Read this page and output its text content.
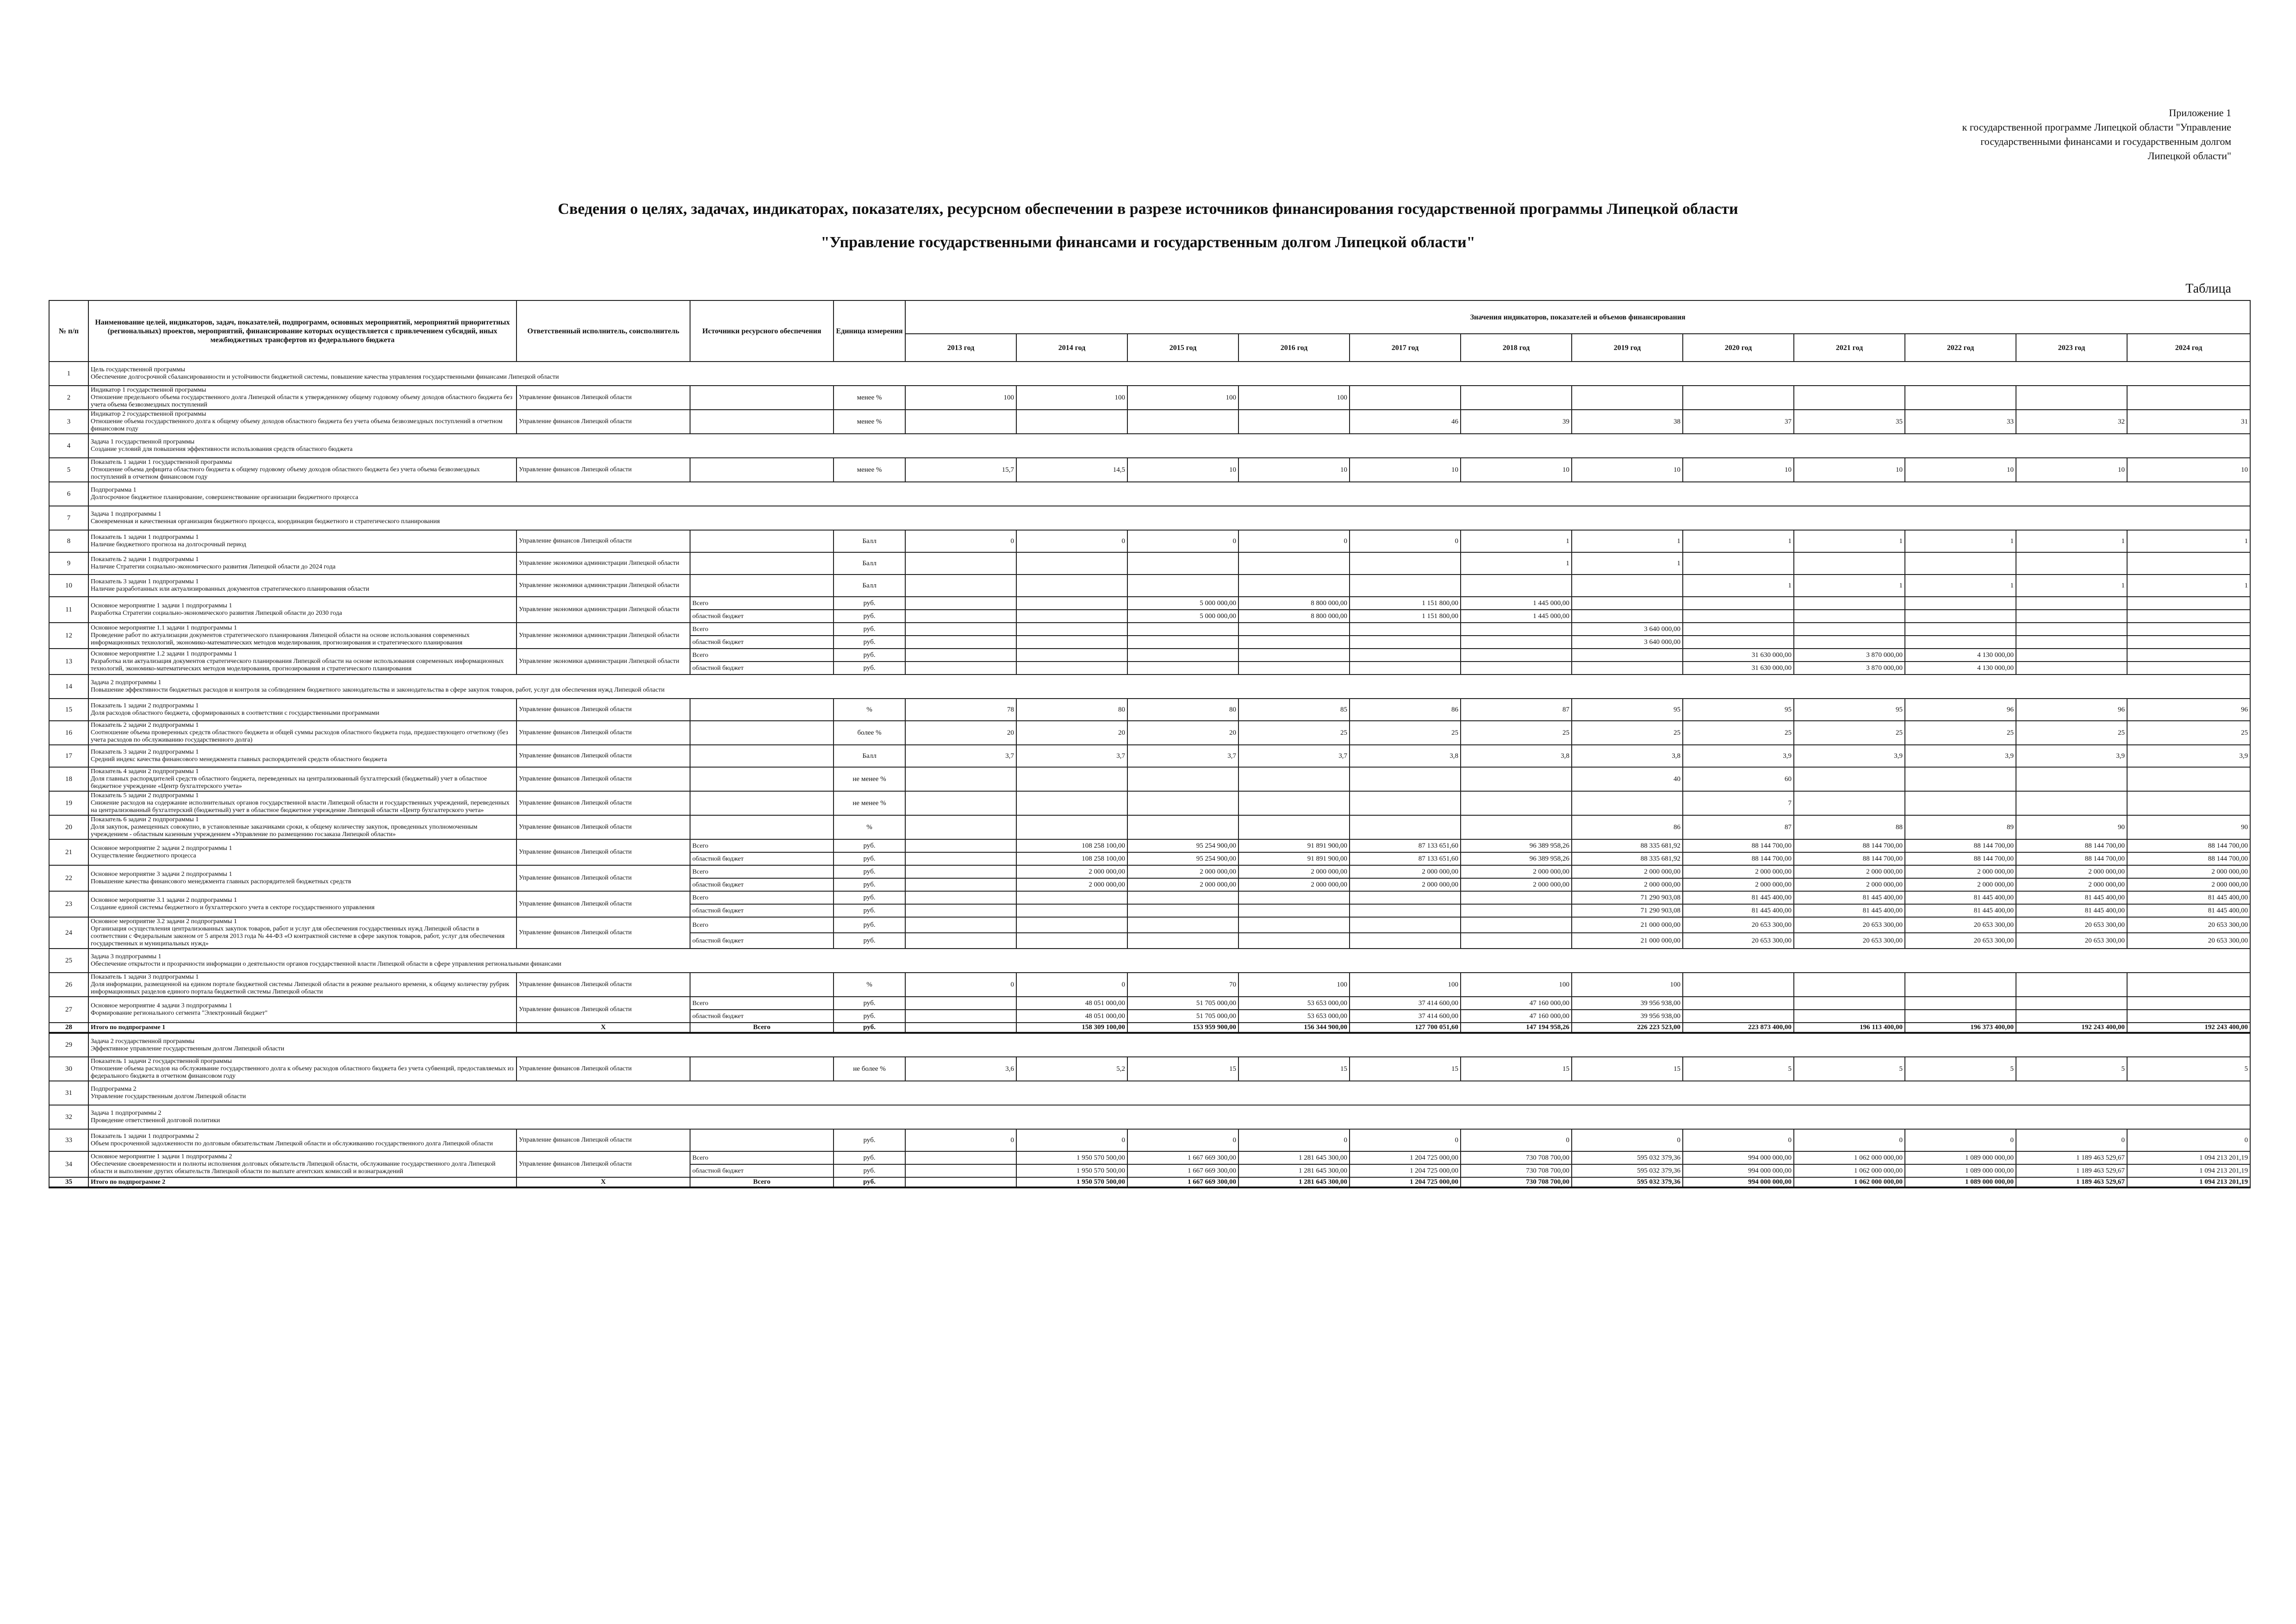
Приложение 1
к государственной программе Липецкой области "Управление
государственными финансами и государственным долгом
Липецкой области"
Сведения о целях, задачах, индикаторах, показателях, ресурсном обеспечении в разрезе источников финансирования государственной программы Липецкой области
"Управление государственными финансами и государственным долгом Липецкой области"
Таблица
№ п/п	Наименование целей, индикаторов, задач, показателей, подпрограмм, основных мероприятий, мероприятий приоритетных (региональных) проектов, мероприятий, финансирование которых осуществляется с привлечением субсидий, иных межбюджетных трансфертов из федерального бюджета	Ответственный исполнитель, соисполнитель	Источники ресурсного обеспечения	Единица измерения	Значения индикаторов, показателей и объемов финансирования											
					2013 год	2014 год	2015 год	2016 год	2017 год	2018 год	2019 год	2020 год	2021 год	2022 год	2023 год	2024 год
1	Цель государственной программы
Обеспечение долгосрочной сбалансированности и устойчивости бюджетной системы, повышение качества управления государственными финансами Липецкой области															
2	Индикатор 1 государственной программы
Отношение предельного объема государственного долга Липецкой области к утвержденному общему годовому объему доходов областного бюджета без учета объема безвозмездных поступлений	Управление финансов Липецкой области		менее %	100	100	100	100								
3	Индикатор 2 государственной программы
Отношение объема государственного долга к общему объему доходов областного бюджета без учета объема безвозмездных поступлений в отчетном финансовом году	Управление финансов Липецкой области		менее %					46	39	38	37	35	33	32	31
4	Задача 1 государственной программы
Создание условий для повышения эффективности использования средств областного бюджета															
5	Показатель 1 задачи 1 государственной программы
Отношение объема дефицита областного бюджета к общему годовому объему доходов областного бюджета без учета объема безвозмездных поступлений в отчетном финансовом году	Управление финансов Липецкой области		менее %	15,7	14,5	10	10	10	10	10	10	10	10	10	10
6	Подпрограмма 1
Долгосрочное бюджетное планирование, совершенствование организации бюджетного процесса															
7	Задача 1 подпрограммы 1
Своевременная и качественная организация бюджетного процесса, координация бюджетного и стратегического планирования															
8	Показатель 1 задачи 1 подпрограммы 1
Наличие бюджетного прогноза на долгосрочный период	Управление финансов Липецкой области		Балл	0	0	0	0	0	1	1	1	1	1	1	1
9	Показатель 2 задачи 1 подпрограммы 1
Наличие Стратегии социально-экономического развития Липецкой области до 2024 года	Управление экономики администрации Липецкой области		Балл						1	1					
10	Показатель 3 задачи 1 подпрограммы 1
Наличие разработанных или актуализированных документов стратегического планирования области	Управление экономики администрации Липецкой области		Балл								1	1	1	1	1
11	Основное мероприятие 1 задачи 1 подпрограммы 1
Разработка Стратегии социально-экономического развития Липецкой области до 2030 года	Управление экономики администрации Липецкой области	Всего	руб.			5 000 000,00	8 800 000,00	1 151 800,00	1 445 000,00						
			областной бюджет	руб.			5 000 000,00	8 800 000,00	1 151 800,00	1 445 000,00						
12	Основное мероприятие 1.1 задачи 1 подпрограммы 1
Проведение работ по актуализации документов стратегического планирования Липецкой области на основе использования современных информационных технологий, экономико-математических методов моделирования, прогнозирования и стратегического планирования	Управление экономики администрации Липецкой области	Всего	руб.							3 640 000,00					
			областной бюджет	руб.							3 640 000,00					
13	Основное мероприятие 1.2 задачи 1 подпрограммы 1
Разработка или актуализация документов стратегического планирования Липецкой области на основе использования современных информационных технологий, экономико-математических методов моделирования, прогнозирования и стратегического планирования	Управление экономики администрации Липецкой области	Всего	руб.								31 630 000,00	3 870 000,00	4 130 000,00		
			областной бюджет	руб.								31 630 000,00	3 870 000,00	4 130 000,00		
14	Задача 2 подпрограммы 1
Повышение эффективности бюджетных расходов и контроля за соблюдением бюджетного законодательства и законодательства в сфере закупок товаров, работ, услуг для обеспечения нужд Липецкой области															
15	Показатель 1 задачи 2 подпрограммы 1
Доля расходов областного бюджета, сформированных в соответствии с государственными программами	Управление финансов Липецкой области		%	78	80	80	85	86	87	95	95	95	96	96	96
16	Показатель 2 задачи 2 подпрограммы 1
Соотношение объема проверенных средств областного бюджета и общей суммы расходов областного бюджета года, предшествующего отчетному (без учета расходов по обслуживанию государственного долга)	Управление финансов Липецкой области		более %	20	20	20	25	25	25	25	25	25	25	25	25
17	Показатель 3 задачи 2 подпрограммы 1
Средний индекс качества финансового менеджмента главных распорядителей средств областного бюджета	Управление финансов Липецкой области		Балл	3,7	3,7	3,7	3,7	3,8	3,8	3,8	3,9	3,9	3,9	3,9	3,9
18	Показатель 4 задачи 2 подпрограммы 1
Доля главных распорядителей средств областного бюджета, переведенных на централизованный бухгалтерский (бюджетный) учет в областное бюджетное учреждение «Центр бухгалтерского учета»	Управление финансов Липецкой области		не менее %							40	60				
19	Показатель 5 задачи 2 подпрограммы 1
Снижение расходов на содержание исполнительных органов государственной власти Липецкой области и государственных учреждений, переведенных на централизованный бухгалтерский (бюджетный) учет в областное бюджетное учреждение Липецкой области «Центр бухгалтерского учета»	Управление финансов Липецкой области		не менее %								7				
20	Показатель 6 задачи 2 подпрограммы 1
Доля закупок, размещенных совокупно, в установленные заказчиками сроки, к общему количеству закупок, проведенных уполномоченным учреждением - областным казенным учреждением «Управление по размещению госзаказа Липецкой области»	Управление финансов Липецкой области		%							86	87	88	89	90	90
21	Основное мероприятие 2 задачи 2 подпрограммы 1
Осуществление бюджетного процесса	Управление финансов Липецкой области	Всего	руб.		108 258 100,00	95 254 900,00	91 891 900,00	87 133 651,60	96 389 958,26	88 335 681,92	88 144 700,00	88 144 700,00	88 144 700,00	88 144 700,00	88 144 700,00
			областной бюджет	руб.		108 258 100,00	95 254 900,00	91 891 900,00	87 133 651,60	96 389 958,26	88 335 681,92	88 144 700,00	88 144 700,00	88 144 700,00	88 144 700,00	88 144 700,00
22	Основное мероприятие 3 задачи 2 подпрограммы 1
Повышение качества финансового менеджмента главных распорядителей бюджетных средств	Управление финансов Липецкой области	Всего	руб.		2 000 000,00	2 000 000,00	2 000 000,00	2 000 000,00	2 000 000,00	2 000 000,00	2 000 000,00	2 000 000,00	2 000 000,00	2 000 000,00	2 000 000,00
			областной бюджет	руб.		2 000 000,00	2 000 000,00	2 000 000,00	2 000 000,00	2 000 000,00	2 000 000,00	2 000 000,00	2 000 000,00	2 000 000,00	2 000 000,00	2 000 000,00
23	Основное мероприятие 3.1 задачи 2 подпрограммы 1
Создание единой системы бюджетного и бухгалтерского учета в секторе государственного управления	Управление финансов Липецкой области	Всего	руб.							71 290 903,08	81 445 400,00	81 445 400,00	81 445 400,00	81 445 400,00	81 445 400,00
			областной бюджет	руб.							71 290 903,08	81 445 400,00	81 445 400,00	81 445 400,00	81 445 400,00	81 445 400,00
24	Основное мероприятие 3.2 задачи 2 подпрограммы 1
Организация осуществления централизованных закупок товаров, работ и услуг для обеспечения государственных нужд Липецкой области в соответствии с Федеральным законом от 5 апреля 2013 года № 44-ФЗ «О контрактной системе в сфере закупок товаров, работ, услуг для обеспечения государственных и муниципальных нужд»	Управление финансов Липецкой области	Всего	руб.							21 000 000,00	20 653 300,00	20 653 300,00	20 653 300,00	20 653 300,00	20 653 300,00
			областной бюджет	руб.							21 000 000,00	20 653 300,00	20 653 300,00	20 653 300,00	20 653 300,00	20 653 300,00
25	Задача 3 подпрограммы 1
Обеспечение открытости и прозрачности информации о деятельности органов государственной власти Липецкой области в сфере управления региональными финансами															
26	Показатель 1 задачи 3 подпрограммы 1
Доля информации, размещенной на едином портале бюджетной системы Липецкой области в режиме реального времени, к общему количеству рубрик информационных разделов единого портала бюджетной системы Липецкой области	Управление финансов Липецкой области		%	0	0	70	100	100	100	100					
27	Основное мероприятие 4 задачи 3 подпрограммы 1
Формирование регионального сегмента "Электронный бюджет"	Управление финансов Липецкой области	Всего	руб.		48 051 000,00	51 705 000,00	53 653 000,00	37 414 600,00	47 160 000,00	39 956 938,00					
			областной бюджет	руб.		48 051 000,00	51 705 000,00	53 653 000,00	37 414 600,00	47 160 000,00	39 956 938,00					
28	Итого по подпрограмме 1	X	Всего	руб.		158 309 100,00	153 959 900,00	156 344 900,00	127 700 051,60	147 194 958,26	226 223 523,00	223 873 400,00	196 113 400,00	196 373 400,00	192 243 400,00	192 243 400,00
29	Задача 2 государственной программы
Эффективное управление государственным долгом Липецкой области															
30	Показатель 1 задачи 2 государственной программы
Отношение объема расходов на обслуживание государственного долга к объему расходов областного бюджета без учета субвенций, предоставляемых из федерального бюджета в отчетном финансовом году	Управление финансов Липецкой области		не более %	3,6	5,2	15	15	15	15	15	5	5	5	5	5
31	Подпрограмма 2
Управление государственным долгом Липецкой области															
32	Задача 1 подпрограммы 2
Проведение ответственной долговой политики															
33	Показатель 1 задачи 1 подпрограммы 2
Объем просроченной задолженности по долговым обязательствам Липецкой области и обслуживанию государственного долга Липецкой области	Управление финансов Липецкой области		руб.	0	0	0	0	0	0	0	0	0	0	0	0
34	Основное мероприятие 1 задачи 1 подпрограммы 2
Обеспечение своевременности и полноты исполнения долговых обязательств Липецкой области, обслуживание государственного долга Липецкой области и выполнение других обязательств Липецкой области по выплате агентских комиссий и вознаграждений	Управление финансов Липецкой области	Всего	руб.		1 950 570 500,00	1 667 669 300,00	1 281 645 300,00	1 204 725 000,00	730 708 700,00	595 032 379,36	994 000 000,00	1 062 000 000,00	1 089 000 000,00	1 189 463 529,67	1 094 213 201,19
			областной бюджет	руб.		1 950 570 500,00	1 667 669 300,00	1 281 645 300,00	1 204 725 000,00	730 708 700,00	595 032 379,36	994 000 000,00	1 062 000 000,00	1 089 000 000,00	1 189 463 529,67	1 094 213 201,19
35	Итого по подпрограмме 2	X	Всего	руб.		1 950 570 500,00	1 667 669 300,00	1 281 645 300,00	1 204 725 000,00	730 708 700,00	595 032 379,36	994 000 000,00	1 062 000 000,00	1 089 000 000,00	1 189 463 529,67	1 094 213 201,19
